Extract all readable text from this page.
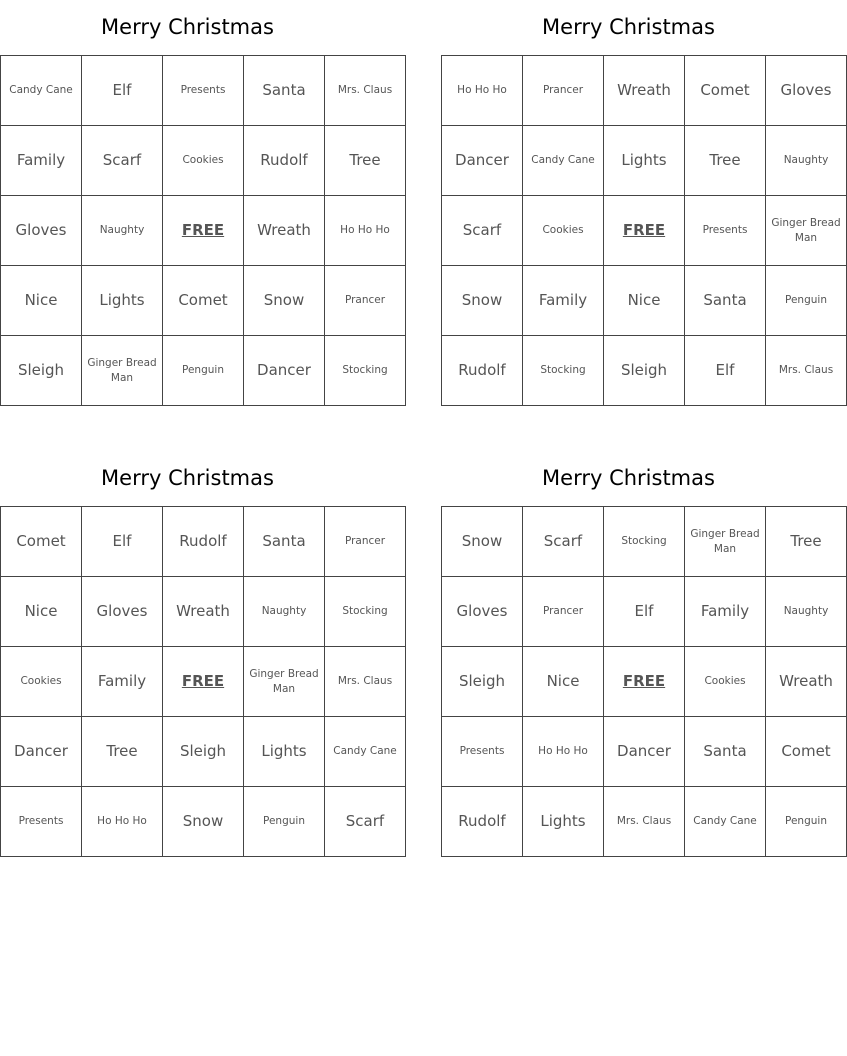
Merry Christmas
Candy Cane	Elf	Presents	Santa	Mrs. Claus
Family	Scarf	Cookies	Rudolf	Tree
Gloves	Naughty	FREE	Wreath	Ho Ho Ho
Nice	Lights	Comet	Snow	Prancer
Sleigh	Ginger Bread Man	Penguin	Dancer	Stocking
Merry Christmas
Ho Ho Ho	Prancer	Wreath	Comet	Gloves
Dancer	Candy Cane	Lights	Tree	Naughty
Scarf	Cookies	FREE	Presents	Ginger Bread Man
Snow	Family	Nice	Santa	Penguin
Rudolf	Stocking	Sleigh	Elf	Mrs. Claus
Merry Christmas
Comet	Elf	Rudolf	Santa	Prancer
Nice	Gloves	Wreath	Naughty	Stocking
Cookies	Family	FREE	Ginger Bread Man	Mrs. Claus
Dancer	Tree	Sleigh	Lights	Candy Cane
Presents	Ho Ho Ho	Snow	Penguin	Scarf
Merry Christmas
Snow	Scarf	Stocking	Ginger Bread Man	Tree
Gloves	Prancer	Elf	Family	Naughty
Sleigh	Nice	FREE	Cookies	Wreath
Presents	Ho Ho Ho	Dancer	Santa	Comet
Rudolf	Lights	Mrs. Claus	Candy Cane	Penguin
